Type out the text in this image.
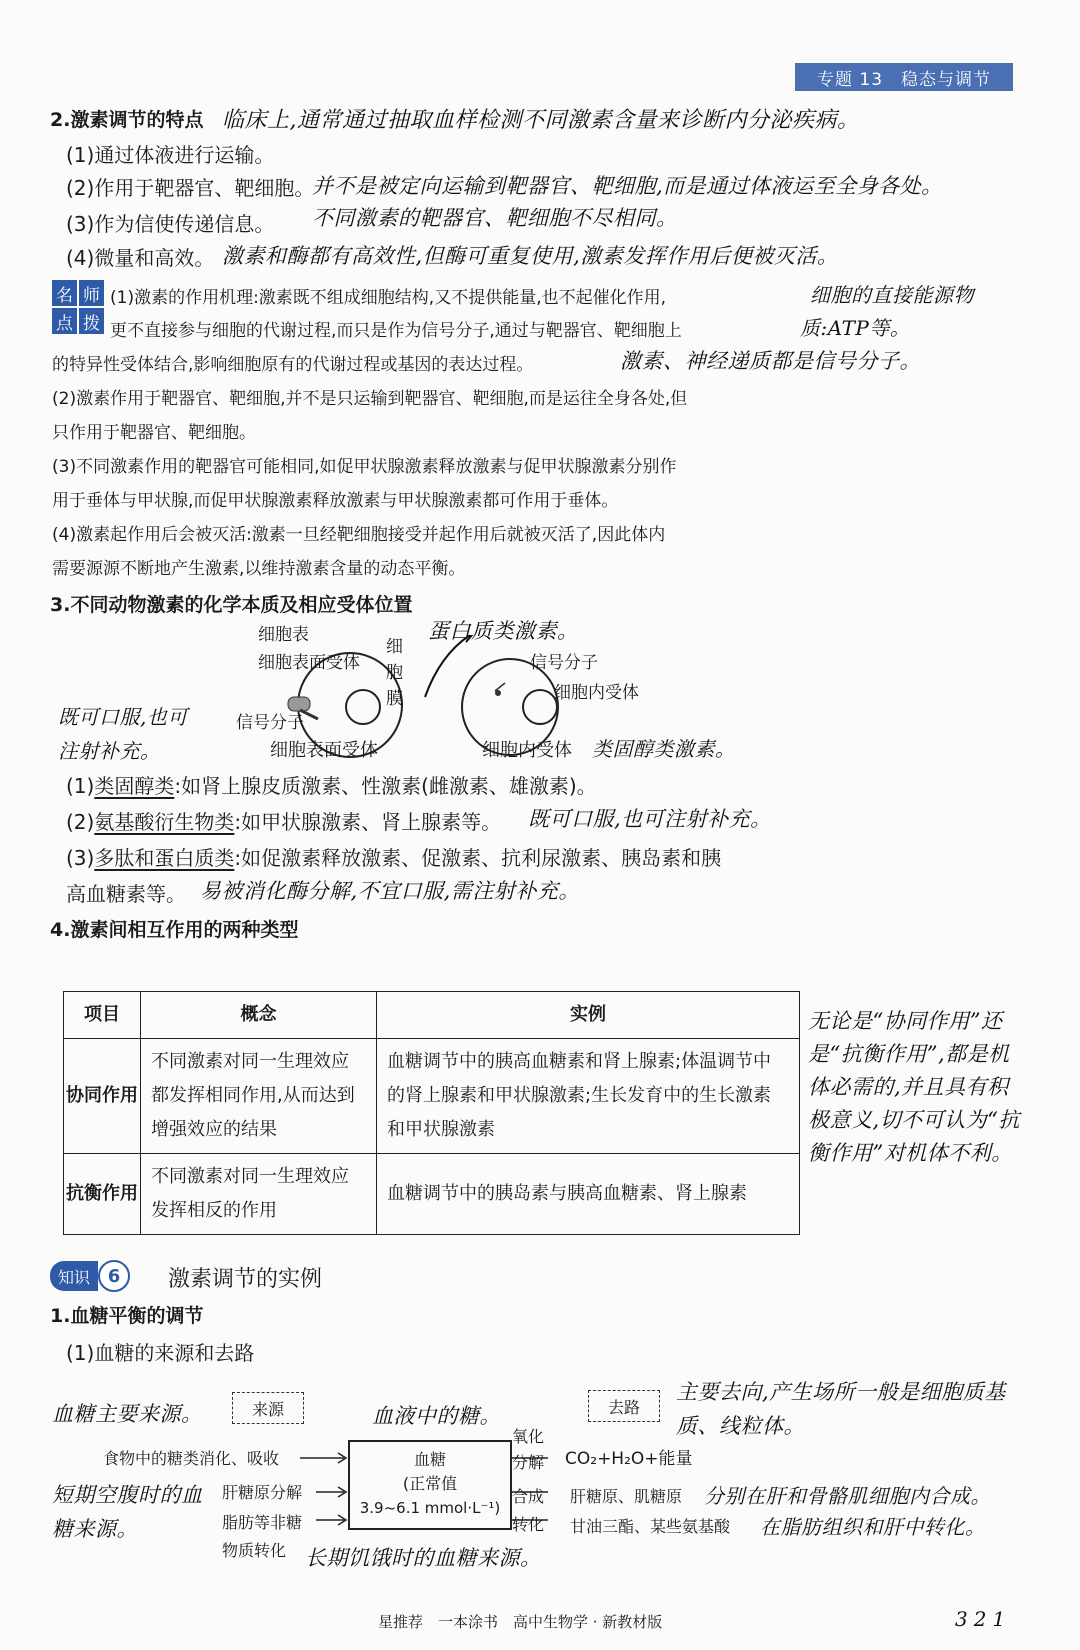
专题 13　稳态与调节
2.激素调节的特点 临床上,通常通过抽取血样检测不同激素含量来诊断内分泌疾病。
(1)通过体液进行运输。
(2)作用于靶器官、靶细胞。
并不是被定向运输到靶器官、靶细胞,而是通过体液运至全身各处。
(3)作为信使传递信息。 不同激素的靶器官、靶细胞不尽相同。
(4)微量和高效。 激素和酶都有高效性,但酶可重复使用,激素发挥作用后便被灭活。
名 师
点 拨
(1)激素的作用机理:激素既不组成细胞结构,又不提供能量,也不起催化作用,	细胞的直接能源物
更不直接参与细胞的代谢过程,而只是作为信号分子,通过与靶器官、靶细胞上	质:ATP等。
的特异性受体结合,影响细胞原有的代谢过程或基因的表达过程。	激素、神经递质都是信号分子。
(2)激素作用于靶器官、靶细胞,并不是只运输到靶器官、靶细胞,而是运往全身各处,但
只作用于靶器官、靶细胞。
(3)不同激素作用的靶器官可能相同,如促甲状腺激素释放激素与促甲状腺激素分别作
用于垂体与甲状腺,而促甲状腺激素释放激素与甲状腺激素都可作用于垂体。
(4)激素起作用后会被灭活:激素一旦经靶细胞接受并起作用后就被灭活了,因此体内
需要源源不断地产生激素,以维持激素含量的动态平衡。
3.不同动物激素的化学本质及相应受体位置
细胞表
细胞表面受体
信号分子
细
胞
膜
蛋白质类激素。
信号分子
细胞内受体
既可口服,也可注射补充。	细胞表面受体	细胞内受体 类固醇类激素。
(1)类固醇类:如肾上腺皮质激素、性激素(雌激素、雄激素)。
(2)氨基酸衍生物类:如甲状腺激素、肾上腺素等。 既可口服,也可注射补充。
(3)多肽和蛋白质类:如促激素释放激素、促激素、抗利尿激素、胰岛素和胰
高血糖素等。 易被消化酶分解,不宜口服,需注射补充。
4.激素间相互作用的两种类型
项目	概念	实例
协同作用	不同激素对同一生理效应都发挥相同作用,从而达到增强效应的结果	血糖调节中的胰高血糖素和肾上腺素;体温调节中的肾上腺素和甲状腺激素;生长发育中的生长激素和甲状腺激素
抗衡作用	不同激素对同一生理效应发挥相反的作用	血糖调节中的胰岛素与胰高血糖素、肾上腺素
无论是“协同作用”还是“抗衡作用”,都是机体必需的,并且具有积极意义,切不可认为“抗衡作用”对机体不利。
知识 6	激素调节的实例
1.血糖平衡的调节
(1)血糖的来源和去路
血糖主要来源。	来源
食物中的糖类消化、吸收
肝糖原分解
脂肪等非糖
物质转化
短期空腹时的血糖来源。
长期饥饿时的血糖来源。
血液中的糖。
血糖
(正常值
3.9~6.1 mmol·L⁻¹)
氧化
分解
合成
转化
去路
主要去向,产生场所一般是细胞质基质、线粒体。
CO₂+H₂O+能量
肝糖原、肌糖原 分别在肝和骨骼肌细胞内合成。
甘油三酯、某些氨基酸 在脂肪组织和肝中转化。
星推荐　一本涂书　高中生物学 · 新教材版	321
